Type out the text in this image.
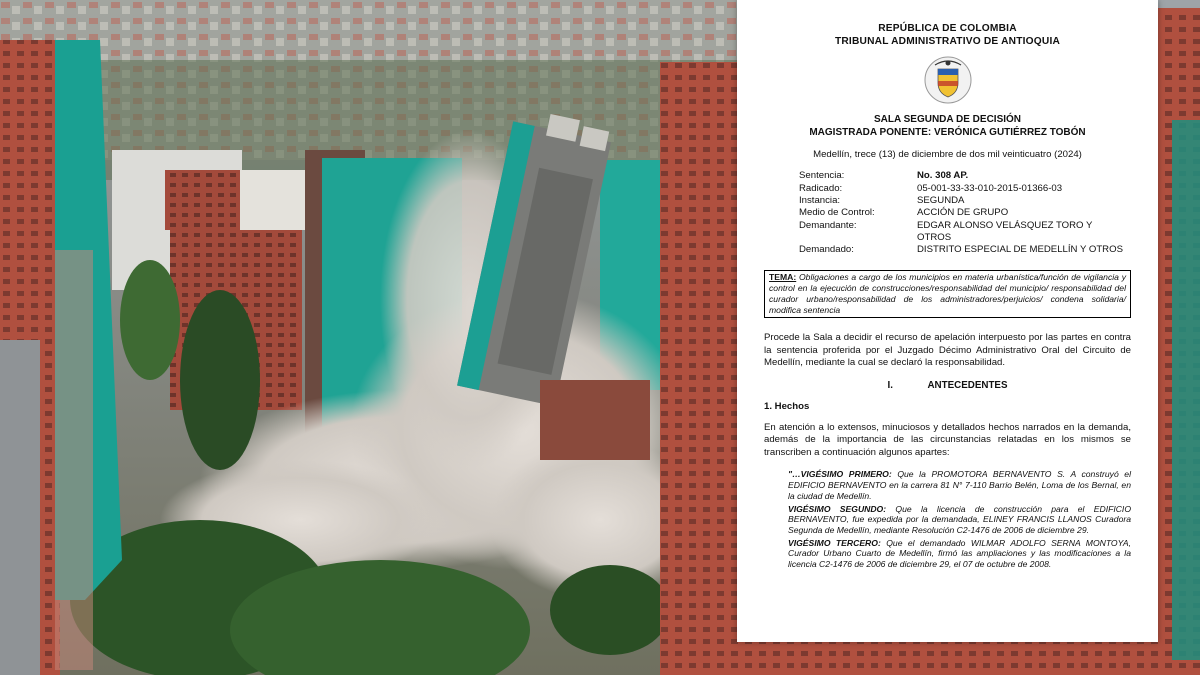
REPÚBLICA DE COLOMBIA
TRIBUNAL ADMINISTRATIVO DE ANTIOQUIA
SALA SEGUNDA DE DECISIÓN
MAGISTRADA PONENTE: VERÓNICA GUTIÉRREZ TOBÓN
Medellín, trece (13) de diciembre de dos mil veinticuatro (2024)
Sentencia:	No. 308 AP.
Radicado:	05-001-33-33-010-2015-01366-03
Instancia:	SEGUNDA
Medio de Control:	ACCIÓN DE GRUPO
Demandante:	EDGAR ALONSO VELÁSQUEZ TORO Y OTROS
Demandado:	DISTRITO ESPECIAL DE MEDELLÍN Y OTROS
TEMA: Obligaciones a cargo de los municipios en materia urbanística/función de vigilancia y control en la ejecución de construcciones/responsabilidad del municipio/ responsabilidad del curador urbano/responsabilidad de los administradores/perjuicios/ condena solidaria/ modifica sentencia

Procede la Sala a decidir el recurso de apelación interpuesto por las partes en contra la sentencia proferida por el Juzgado Décimo Administrativo Oral del Circuito de Medellín, mediante la cual se declaró la responsabilidad.

I.	ANTECEDENTES
1. Hechos

En atención a lo extensos, minuciosos y detallados hechos narrados en la demanda, además de la importancia de las circunstancias relatadas en los mismos se transcriben a continuación algunos apartes:

"…VIGÉSIMO PRIMERO: Que la PROMOTORA BERNAVENTO S. A construyó el EDIFICIO BERNAVENTO en la carrera 81 N° 7-110 Barrio Belén, Loma de los Bernal, en la ciudad de Medellín.
VIGÉSIMO SEGUNDO: Que la licencia de construcción para el EDIFICIO BERNAVENTO, fue expedida por la demandada, ELINEY FRANCIS LLANOS Curadora Segunda de Medellín, mediante Resolución C2-1476 de 2006 de diciembre 29.
VIGÉSIMO TERCERO: Que el demandado WILMAR ADOLFO SERNA MONTOYA, Curador Urbano Cuarto de Medellín, firmó las ampliaciones y las modificaciones a la licencia C2-1476 de 2006 de diciembre 29, el 07 de octubre de 2008.
